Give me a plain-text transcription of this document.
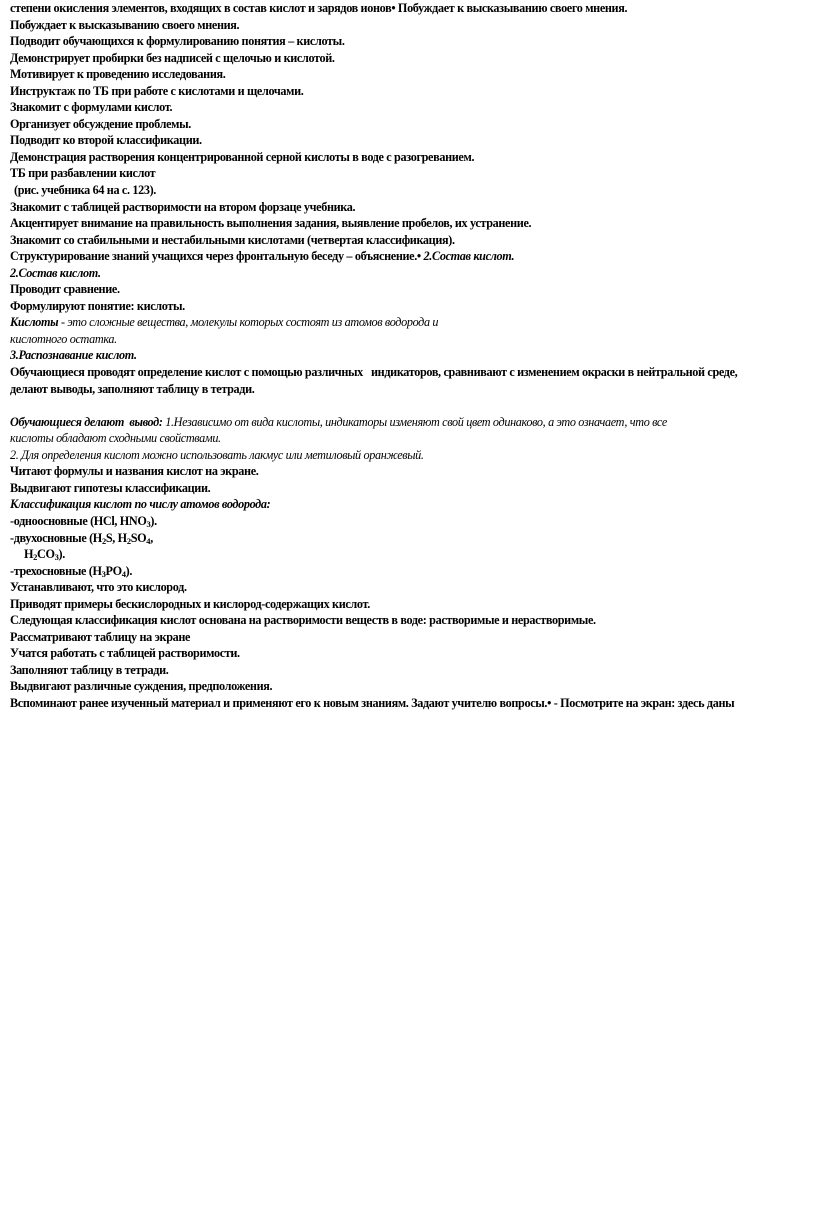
степени окисления элементов, входящих в состав кислот и зарядов ионов• Побуждает к высказыванию своего мнения.

Побуждает к высказыванию своего мнения.

Подводит обучающихся к формулированию понятия – кислоты.

Демонстрирует пробирки без надписей с щелочью и кислотой.

Мотивирует к проведению исследования.

Инструктаж по ТБ при работе с кислотами и щелочами.

Знакомит с формулами кислот.

Организует обсуждение проблемы.

Подводит ко второй классификации.

Демонстрация растворения концентрированной серной кислоты в воде с разогреванием.

ТБ при разбавлении кислот

(рис. учебника 64 на с. 123).

Знакомит с таблицей растворимости на втором форзаце учебника.

Акцентирует внимание на правильность выполнения задания, выявление пробелов, их устранение.

Знакомит со стабильными и нестабильными кислотами (четвертая классификация).

Структурирование знаний учащихся через фронтальную беседу – объяснение.• 2.Состав кислот.

2.Состав кислот.

Проводит сравнение.

Формулируют понятие: кислоты.

Кислоты - это сложные вещества, молекулы которых состоят из атомов водорода и

кислотного остатка.

3.Распознавание кислот.

Обучающиеся проводят определение кислот с помощью различных   индикаторов, сравнивают с изменением окраски в нейтральной среде,

делают выводы, заполняют таблицу в тетради.

Обучающиеся делают  вывод: 1.Независимо от вида кислоты, индикаторы изменяют свой цвет одинаково, а это означает, что все

кислоты обладают сходными свойствами.

2. Для определения кислот можно использовать лакмус или метиловый оранжевый.

Читают формулы и названия кислот на экране.

Выдвигают гипотезы классификации.

Классификация кислот по числу атомов водорода:

-одноосновные (HCl, $HNO_3$).

-двухосновные ($H_2S$, $H_2SO_4$,

$H_2CO_3$).

-трехосновные $(H_3PO_4)$.

Устанавливают, что это кислород.

Приводят примеры бескислородных и кислород-содержащих кислот.

Следующая классификация кислот основана на растворимости веществ в воде: растворимые и нерастворимые.

Рассматривают таблицу на экране

Учатся работать с таблицей растворимости.

Заполняют таблицу в тетради.

Выдвигают различные суждения, предположения.

Вспоминают ранее изученный материал и применяют его к новым знаниям. Задают учителю вопросы.• - Посмотрите на экран: здесь даны
